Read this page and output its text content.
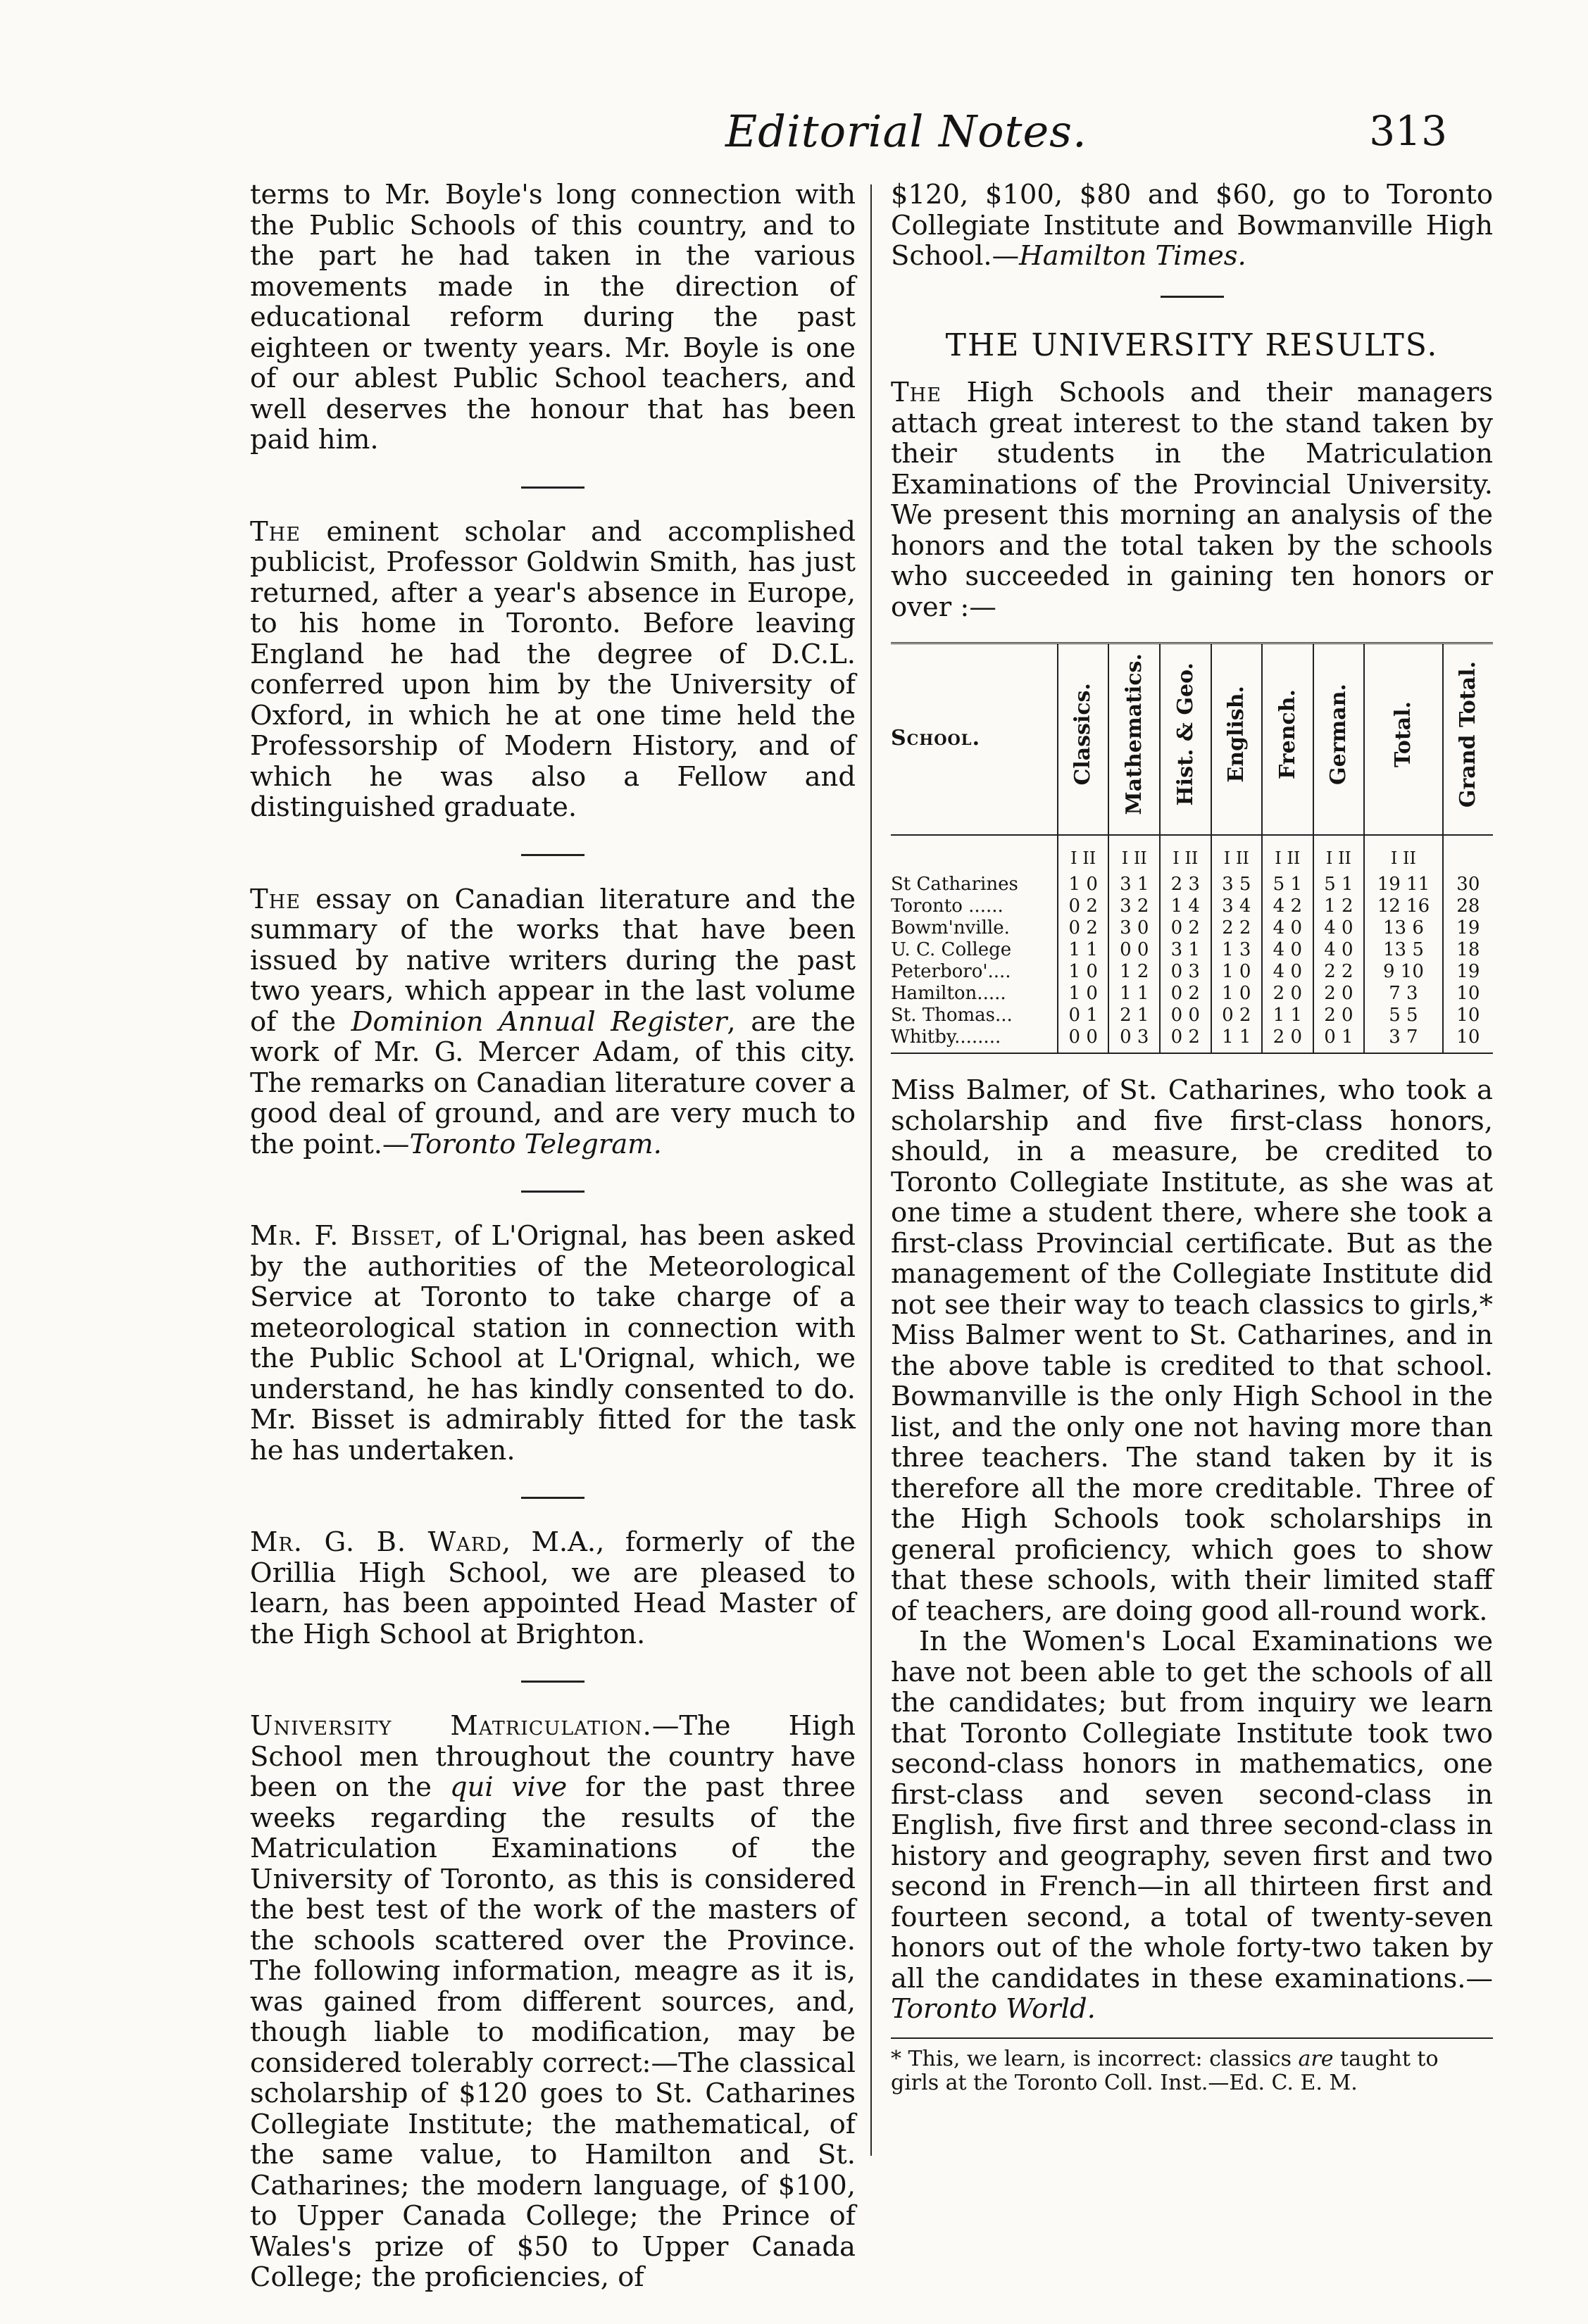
Editorial Notes.	313

terms to Mr. Boyle's long connection with the Public Schools of this country, and to the part he had taken in the various movements made in the direction of educational reform during the past eighteen or twenty years. Mr. Boyle is one of our ablest Public School teachers, and well deserves the honour that has been paid him.

The eminent scholar and accomplished publicist, Professor Goldwin Smith, has just returned, after a year's absence in Europe, to his home in Toronto. Before leaving England he had the degree of D.C.L. conferred upon him by the University of Oxford, in which he at one time held the Professorship of Modern History, and of which he was also a Fellow and distinguished graduate.

The essay on Canadian literature and the summary of the works that have been issued by native writers during the past two years, which appear in the last volume of the Dominion Annual Register, are the work of Mr. G. Mercer Adam, of this city. The remarks on Canadian literature cover a good deal of ground, and are very much to the point.—Toronto Telegram.

Mr. F. Bisset, of L'Orignal, has been asked by the authorities of the Meteorological Service at Toronto to take charge of a meteorological station in connection with the Public School at L'Orignal, which, we understand, he has kindly consented to do. Mr. Bisset is admirably fitted for the task he has undertaken.

Mr. G. B. Ward, M.A., formerly of the Orillia High School, we are pleased to learn, has been appointed Head Master of the High School at Brighton.

University Matriculation.—The High School men throughout the country have been on the qui vive for the past three weeks regarding the results of the Matriculation Examinations of the University of Toronto, as this is considered the best test of the work of the masters of the schools scattered over the Province. The following information, meagre as it is, was gained from different sources, and, though liable to modification, may be considered tolerably correct:—The classical scholarship of $120 goes to St. Catharines Collegiate Institute; the mathematical, of the same value, to Hamilton and St. Catharines; the modern language, of $100, to Upper Canada College; the Prince of Wales's prize of $50 to Upper Canada College; the proficiencies, of

$120, $100, $80 and $60, go to Toronto Collegiate Institute and Bowmanville High School.—Hamilton Times.

THE UNIVERSITY RESULTS.

The High Schools and their managers attach great interest to the stand taken by their students in the Matriculation Examinations of the Provincial University. We present this morning an analysis of the honors and the total taken by the schools who succeeded in gaining ten honors or over :—

School.	Classics.	Mathematics.	Hist. & Geo.	English.	French.	German.	Total.	Grand Total.
	I II	I II	I II	I II	I II	I II	I II	
St Catharines	1 0	3 1	2 3	3 5	5 1	5 1	19 11	30
Toronto ......	0 2	3 2	1 4	3 4	4 2	1 2	12 16	28
Bowm'nville.	0 2	3 0	0 2	2 2	4 0	4 0	13 6	19
U. C. College	1 1	0 0	3 1	1 3	4 0	4 0	13 5	18
Peterboro'....	1 0	1 2	0 3	1 0	4 0	2 2	9 10	19
Hamilton.....	1 0	1 1	0 2	1 0	2 0	2 0	7 3	10
St. Thomas...	0 1	2 1	0 0	0 2	1 1	2 0	5 5	10
Whitby........	0 0	0 3	0 2	1 1	2 0	0 1	3 7	10

Miss Balmer, of St. Catharines, who took a scholarship and five first-class honors, should, in a measure, be credited to Toronto Collegiate Institute, as she was at one time a student there, where she took a first-class Provincial certificate. But as the management of the Collegiate Institute did not see their way to teach classics to girls,* Miss Balmer went to St. Catharines, and in the above table is credited to that school. Bowmanville is the only High School in the list, and the only one not having more than three teachers. The stand taken by it is therefore all the more creditable. Three of the High Schools took scholarships in general proficiency, which goes to show that these schools, with their limited staff of teachers, are doing good all-round work.

In the Women's Local Examinations we have not been able to get the schools of all the candidates; but from inquiry we learn that Toronto Collegiate Institute took two second-class honors in mathematics, one first-class and seven second-class in English, five first and three second-class in history and geography, seven first and two second in French—in all thirteen first and fourteen second, a total of twenty-seven honors out of the whole forty-two taken by all the candidates in these examinations.—Toronto World.

* This, we learn, is incorrect: classics are taught to girls at the Toronto Coll. Inst.—Ed. C. E. M.
